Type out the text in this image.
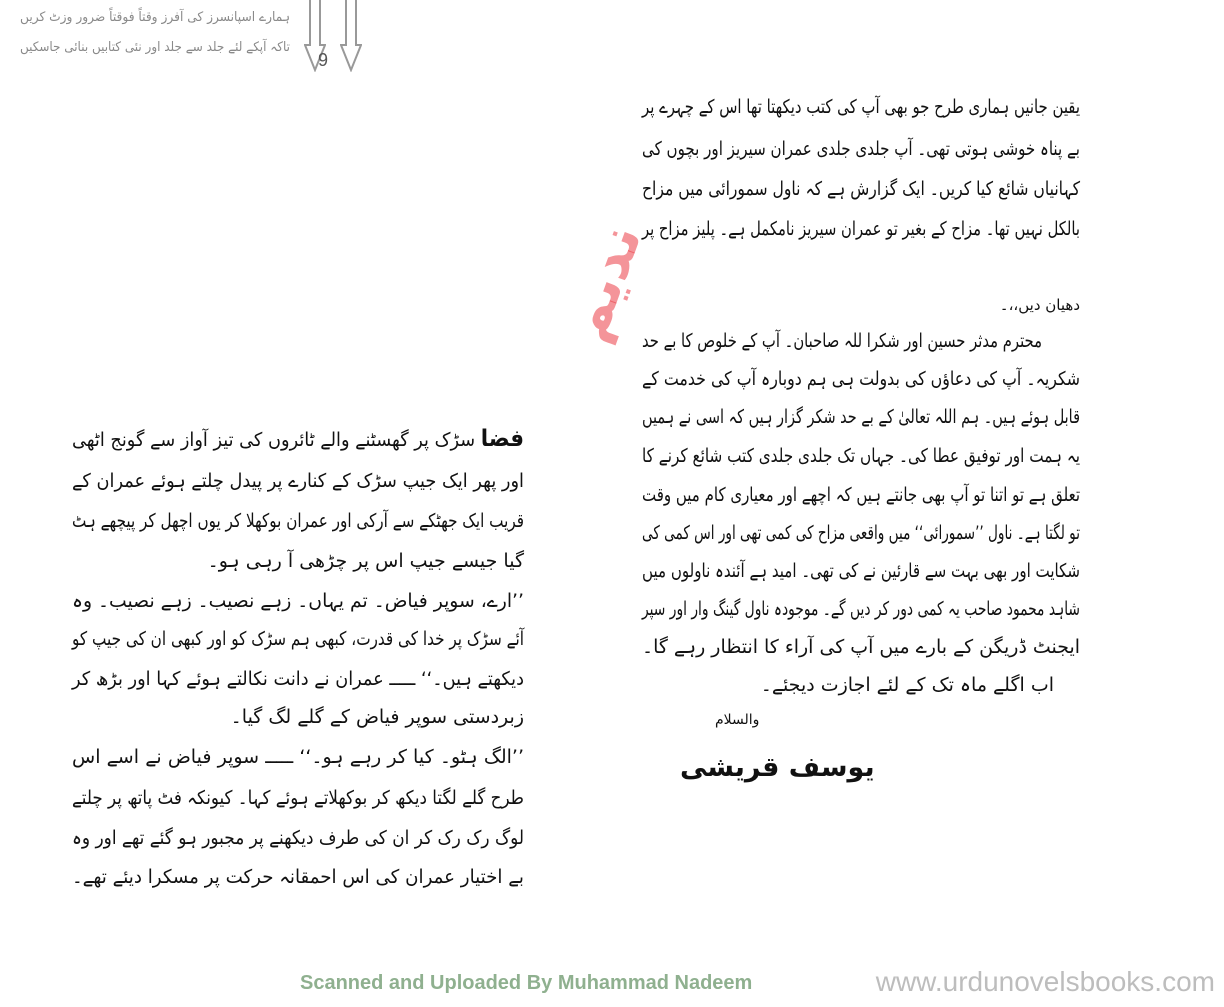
ہمارے اسپانسرز کی آفرز وقتاً فوقتاً ضرور وزٹ کریں
تاکہ آپکے لئے جلد سے جلد اور نئی کتابیں بنائی جاسکیں
9
ندیم
یقین جانیں ہماری طرح جو بھی آپ کی کتب دیکھتا تھا اس کے چہرے پر
بے پناہ خوشی ہوتی تھی۔ آپ جلدی جلدی عمران سیریز اور بچوں کی
کہانیاں شائع کیا کریں۔ ایک گزارش ہے کہ ناول سمورائی میں مزاح
بالکل نہیں تھا۔ مزاح کے بغیر تو عمران سیریز نامکمل ہے۔ پلیز مزاح پر
دھیان دیں،،۔
محترم مدثر حسین اور شکرا للہ صاحبان۔ آپ کے خلوص کا بے حد
شکریہ۔ آپ کی دعاؤں کی بدولت ہی ہم دوبارہ آپ کی خدمت کے
قابل ہوئے ہیں۔ ہم اللہ تعالیٰ کے بے حد شکر گزار ہیں کہ اسی نے ہمیں
یہ ہمت اور توفیق عطا کی۔ جہاں تک جلدی جلدی کتب شائع کرنے کا
تعلق ہے تو اتنا تو آپ بھی جانتے ہیں کہ اچھے اور معیاری کام میں وقت
تو لگتا ہے۔ ناول ’’سمورائی‘‘ میں واقعی مزاح کی کمی تھی اور اس کمی کی
شکایت اور بھی بہت سے قارئین نے کی تھی۔ امید ہے آئندہ ناولوں میں
شاہد محمود صاحب یہ کمی دور کر دیں گے۔ موجودہ ناول گینگ وار اور سپر
ایجنٹ ڈریگن کے بارے میں آپ کی آراء کا انتظار رہے گا۔
اب اگلے ماہ تک کے لئے اجازت دیجئے۔
والسلام
یوسف قریشی
فضا سڑک پر گھسٹنے والے ٹائروں کی تیز آواز سے گونج اٹھی
اور پھر ایک جیپ سڑک کے کنارے پر پیدل چلتے ہوئے عمران کے
قریب ایک جھٹکے سے آرکی اور عمران بوکھلا کر یوں اچھل کر پیچھے ہٹ
گیا جیسے جیپ اس پر چڑھی آ رہی ہو۔
’’ارے، سوپر فیاض۔ تم یہاں۔ زہے نصیب۔ زہے نصیب۔ وہ
آئے سڑک پر خدا کی قدرت، کبھی ہم سڑک کو اور کبھی ان کی جیپ کو
دیکھتے ہیں۔‘‘ ـــــ عمران نے دانت نکالتے ہوئے کہا اور بڑھ کر
زبردستی سوپر فیاض کے گلے لگ گیا۔
’’الگ ہٹو۔ کیا کر رہے ہو۔‘‘ ـــــ سوپر فیاض نے اسے اس
طرح گلے لگتا دیکھ کر بوکھلاتے ہوئے کہا۔ کیونکہ فٹ پاتھ پر چلتے
لوگ رک رک کر ان کی طرف دیکھنے پر مجبور ہو گئے تھے اور وہ
بے اختیار عمران کی اس احمقانہ حرکت پر مسکرا دیئے تھے۔
Scanned and Uploaded By Muhammad Nadeem	www.urdunovelsbooks.com
